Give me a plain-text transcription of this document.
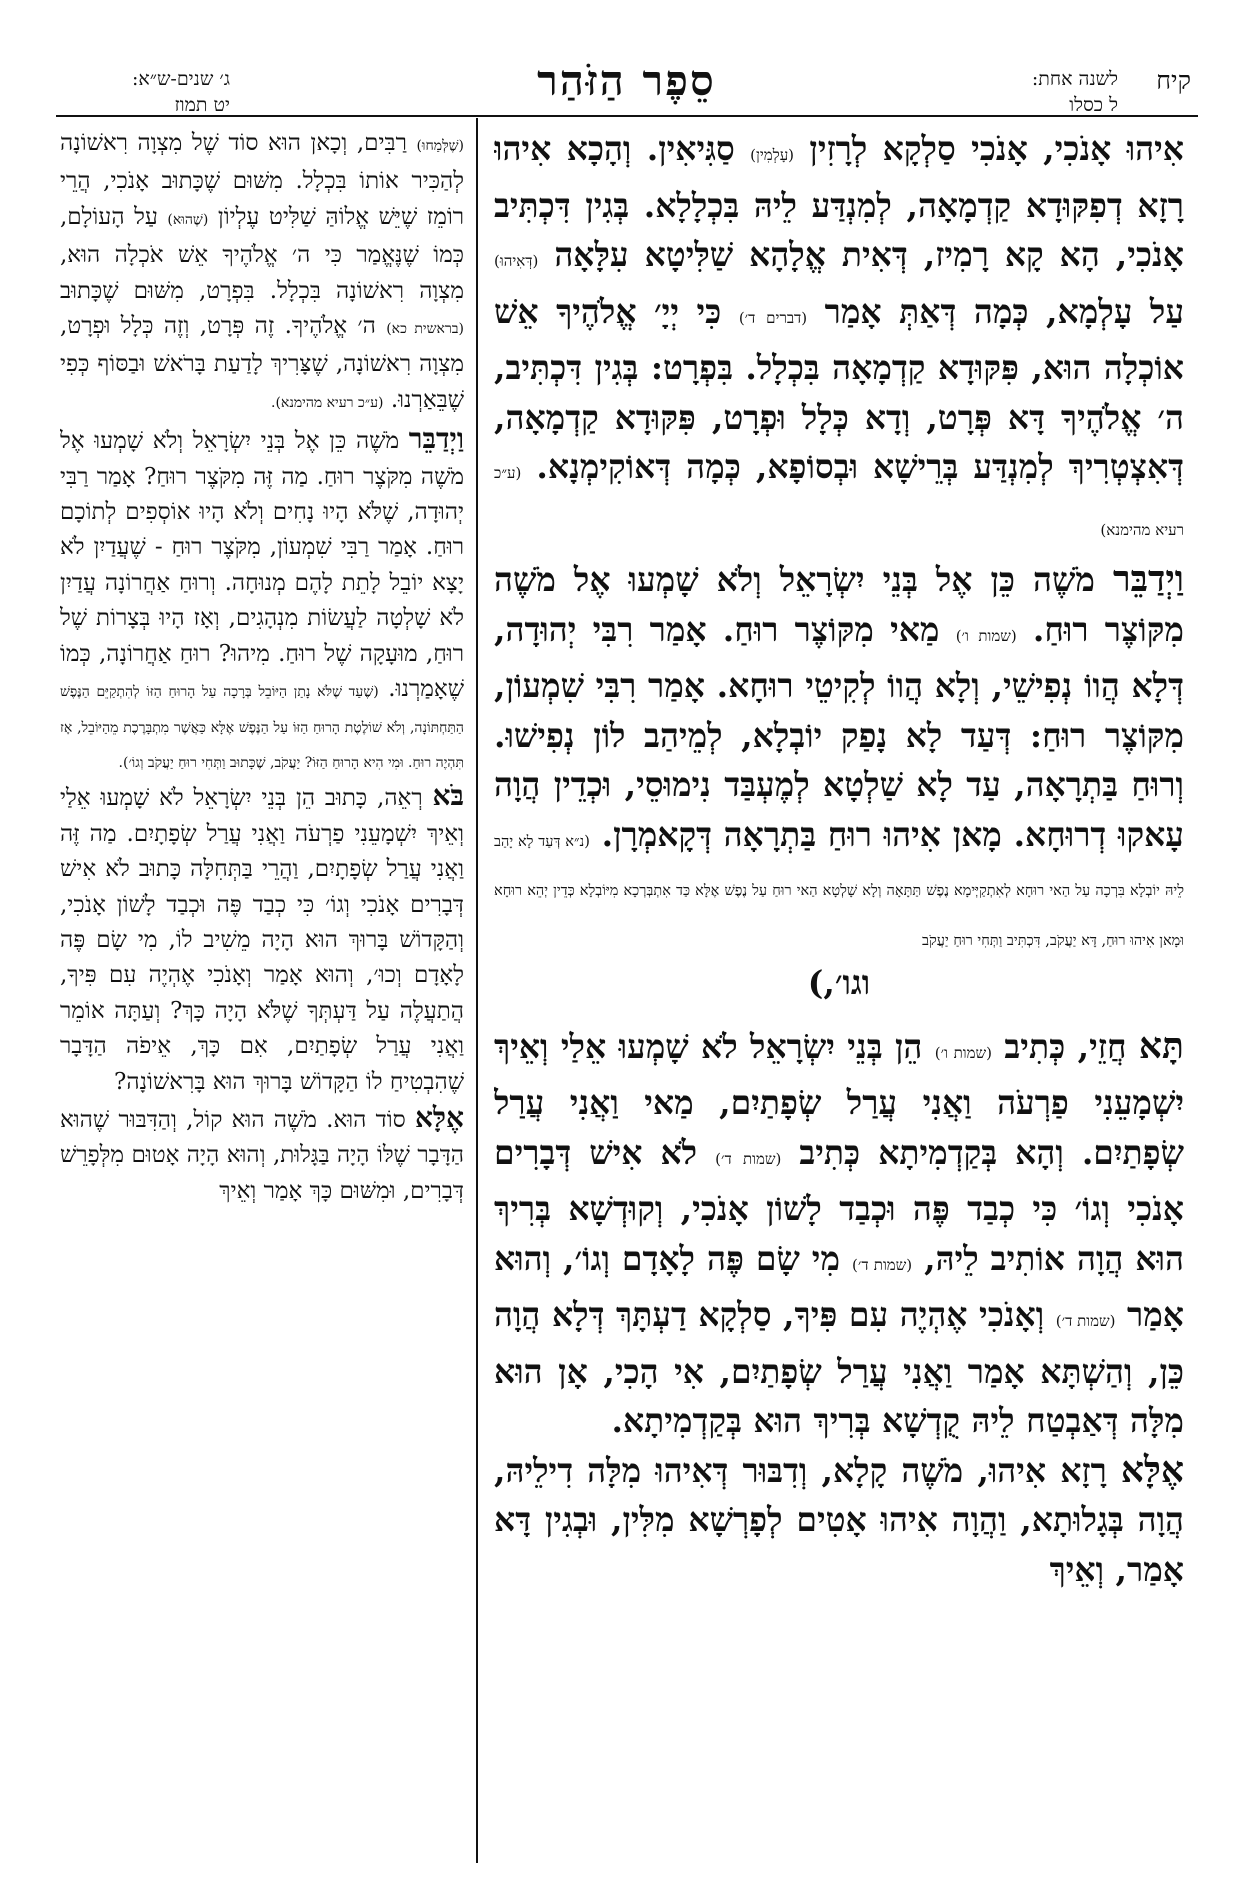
קיח
לשנה אחת:
ל כסלו
סֵפֶר הַזֹּהַר
ג׳ שנים-ש״א:
יט תמוז

אִיהוּ אָנֹכִי, אָנֹכִי סַלְקָא לְרָזִין (עָלְמִין) סַגִּיאִין. וְהָכָא אִיהוּ רָזָא דְפִקּוּדָא קַדְמָאָה, לְמִנְדַּע לֵיהּ בִּכְלָלָא. בְּגִין דִּכְתִּיב אָנֹכִי, הָא קָא רָמִיז, דְּאִית אֱלָהָא שַׁלִּיטָא עִלָּאָה (דְּאִיהוּ) עַל עָלְמָא, כְּמָה דְּאַתְּ אָמַר (דברים ד׳) כִּי יְיָ׳ אֱלֹהֶיךָ אֵשׁ אוֹכְלָה הוּא, פִּקּוּדָא קַדְמָאָה בִּכְלָל. בִּפְרָט: בְּגִין דִּכְתִּיב, ה׳ אֱלֹהֶיךָ דָּא פְּרָט, וְדָא כְּלָל וּפְרָט, פִּקּוּדָא קַדְמָאָה, דְּאִצְטְרִיךְ לְמִנְדַּע בְּרֵישָׁא וּבְסוֹפָא, כְּמָה דְּאוֹקִימְנָא. (ע״כ רעיא מהימנא)

וַיְדַבֵּר מֹשֶׁה כֵּן אֶל בְּנֵי יִשְׂרָאֵל וְלֹא שָׁמְעוּ אֶל מֹשֶׁה מִקּוֹצֶר רוּחַ. (שמות ו׳) מַאי מִקּוֹצֶר רוּחַ. אָמַר רִבִּי יְהוּדָה, דְּלָא הֲווֹ נְפִישֵׁי, וְלָא הֲווֹ לְקִיטֵי רוּחָא. אָמַר רִבִּי שִׁמְעוֹן, מִקּוֹצֶר רוּחַ: דְּעַד לָא נָפַק יוֹבְלָא, לְמֵיהַב לוֹן נְפִישׁוּ. וְרוּחַ בַּתְרָאָה, עַד לָא שַׁלְטָא לְמֶעְבַּד נִימוּסֵי, וּכְדֵין הֲוָה עָאקוּ דְרוּחָא. מָאן אִיהוּ רוּחַ בַּתְרָאָה דְּקָאמְרָן. (נ״א דְּעַד לָא יָהַב לֵיהּ יוֹבְלָא בִּרְכָה עַל הַאי רוּחָא לְאִתְקַיְּימָא נֶפֶשׁ תַּתָּאָה וְלָא שָׁלְטָא הַאי רוּחַ עַל נֶפֶשׁ אֶלָּא כַּד אִתְבְּרְכָא מִיּוֹבְלָא כְּדֵין יְהֵא רוּחָא וּמָאן אִיהוּ רוּחַ, דָּא יַעֲקֹב, דִּכְתִּיב וַתְּחִי רוּחַ יַעֲקֹב

וגו׳,)

תָּא חֲזֵי, כְּתִיב (שמות ו׳) הֵן בְּנֵי יִשְׂרָאֵל לֹא שָׁמְעוּ אֵלַי וְאֵיךְ יִשְׁמָעֵנִי פַרְעֹה וַאֲנִי עֲרַל שְׂפָתַיִם, מַאי וַאֲנִי עֲרַל שְׂפָתַיִם. וְהָא בְּקַדְמִיתָא כְּתִיב (שמות ד׳) לֹא אִישׁ דְּבָרִים אָנֹכִי וְגוֹ׳ כִּי כְבַד פֶּה וּכְבַד לָשׁוֹן אָנֹכִי, וְקוּדְשָׁא בְּרִיךְ הוּא הֲוָה אוֹתִיב לֵיהּ, (שמות ד׳) מִי שָׂם פֶּה לָאָדָם וְגוֹ׳, וְהוּא אָמַר (שמות ד׳) וְאָנֹכִי אֶהְיֶה עִם פִּיךָ, סַלְקָא דַעְתָּךְ דְּלָא הֲוָה כֵּן, וְהַשְׁתָּא אָמַר וַאֲנִי עֲרַל שְׂפָתַיִם, אִי הָכִי, אָן הוּא מִלָּה דְּאַבְטַח לֵיהּ קֻדְשָׁא בְּרִיךְ הוּא בְּקַדְמִיתָא.

אֶלָּא רָזָא אִיהוּ, מֹשֶׁה קָלָא, וְדִבּוּר דְּאִיהוּ מִלָּה דִילֵיהּ, הֲוָה בְּגָלוּתָא, וַהֲוָה אִיהוּ אָטִים לְפָרְשָׁא מִלִּין, וּבְגִין דָּא אָמַר, וְאֵיךְ

(שֶׁלְּמַחוּ) רַבִּים, וְכָאן הוּא סוֹד שֶׁל מִצְוָה רִאשׁוֹנָה לְהַכִּיר אוֹתוֹ בִּכְלָל. מִשּׁוּם שֶׁכָּתוּב אָנֹכִי, הֲרֵי רוֹמֵז שֶׁיֵּשׁ אֱלוֹהַּ שַׁלִּיט עֶלְיוֹן (שֶׁהוּא) עַל הָעוֹלָם, כְּמוֹ שֶׁנֶּאֱמַר כִּי ה׳ אֱלֹהֶיךָ אֵשׁ אֹכְלָה הוּא, מִצְוָה רִאשׁוֹנָה בִּכְלָל. בִּפְרָט, מִשּׁוּם שֶׁכָּתוּב (בראשית כא) ה׳ אֱלֹהֶיךָ. זֶה פְּרָט, וְזֶה כְּלָל וּפְרָט, מִצְוָה רִאשׁוֹנָה, שֶׁצָּרִיךְ לָדַעַת בָּרֹאשׁ וּבַסּוֹף כְּפִי שֶׁבֵּאַרְנוּ. (ע״כ רעיא מהימנא).

וַיְדַבֵּר מֹשֶׁה כֵּן אֶל בְּנֵי יִשְׂרָאֵל וְלֹא שָׁמְעוּ אֶל מֹשֶׁה מִקֹּצֶר רוּחַ. מַה זֶּה מִקֹּצֶר רוּחַ? אָמַר רַבִּי יְהוּדָה, שֶׁלֹּא הָיוּ נָחִים וְלֹא הָיוּ אוֹסְפִים לְתוֹכָם רוּחַ. אָמַר רַבִּי שִׁמְעוֹן, מִקֹּצֶר רוּחַ - שֶׁעֲדַיִן לֹא יָצָא יוֹבֵל לָתֵת לָהֶם מְנוּחָה. וְרוּחַ אַחֲרוֹנָה עֲדַיִן לֹא שָׁלְטָה לַעֲשׂוֹת מִנְהָגִים, וְאָז הָיוּ בְּצָרוֹת שֶׁל רוּחַ, מוּעָקָה שֶׁל רוּחַ. מִיהוּ? רוּחַ אַחֲרוֹנָה, כְּמוֹ שֶׁאָמַרְנוּ. (שֶׁעַד שֶׁלֹּא נָתַן הַיּוֹבֵל בְּרָכָה עַל הָרוּחַ הַזּוֹ לְהִתְקַיֵּם הַנֶּפֶשׁ הַתַּחְתּוֹנָה, וְלֹא שׁוֹלֶטֶת הָרוּחַ הַזּוֹ עַל הַנֶּפֶשׁ אֶלָּא כַּאֲשֶׁר מִתְבָּרֶכֶת מֵהַיּוֹבֵל, אָז תִּהְיֶה רוּחַ. וּמִי הִיא הָרוּחַ הַזּוֹ? יַעֲקֹב, שֶׁכָּתוּב וַתְּחִי רוּחַ יַעֲקֹב וְגוֹ׳).

בֹּא רְאֵה, כָּתוּב הֵן בְּנֵי יִשְׂרָאֵל לֹא שָׁמְעוּ אֵלַי וְאֵיךְ יִשְׁמָעֵנִי פַרְעֹה וַאֲנִי עֲרַל שְׂפָתָיִם. מַה זֶּה וַאֲנִי עֲרַל שְׂפָתָיִם, וַהֲרֵי בַּתְּחִלָּה כָּתוּב לֹא אִישׁ דְּבָרִים אָנֹכִי וְגוֹ׳ כִּי כְבַד פֶּה וּכְבַד לָשׁוֹן אָנֹכִי, וְהַקָּדוֹשׁ בָּרוּךְ הוּא הָיָה מֵשִׁיב לוֹ, מִי שָׂם פֶּה לָאָדָם וְכוּ׳, וְהוּא אָמַר וְאָנֹכִי אֶהְיֶה עִם פִּיךָ, הֲתַעֲלֶה עַל דַּעְתְּךָ שֶׁלֹּא הָיָה כָּךְ? וְעַתָּה אוֹמֵר וַאֲנִי עֲרַל שְׂפָתַיִם, אִם כָּךְ, אֵיפֹה הַדָּבָר שֶׁהִבְטִיחַ לוֹ הַקָּדוֹשׁ בָּרוּךְ הוּא בָּרִאשׁוֹנָה?

אֶלָּא סוֹד הוּא. מֹשֶׁה הוּא קוֹל, וְהַדִּבּוּר שֶׁהוּא הַדָּבָר שֶׁלּוֹ הָיָה בַּגָּלוּת, וְהוּא הָיָה אָטוּם מִלְּפָרֵשׁ דְּבָרִים, וּמִשּׁוּם כָּךְ אָמַר וְאֵיךְ
